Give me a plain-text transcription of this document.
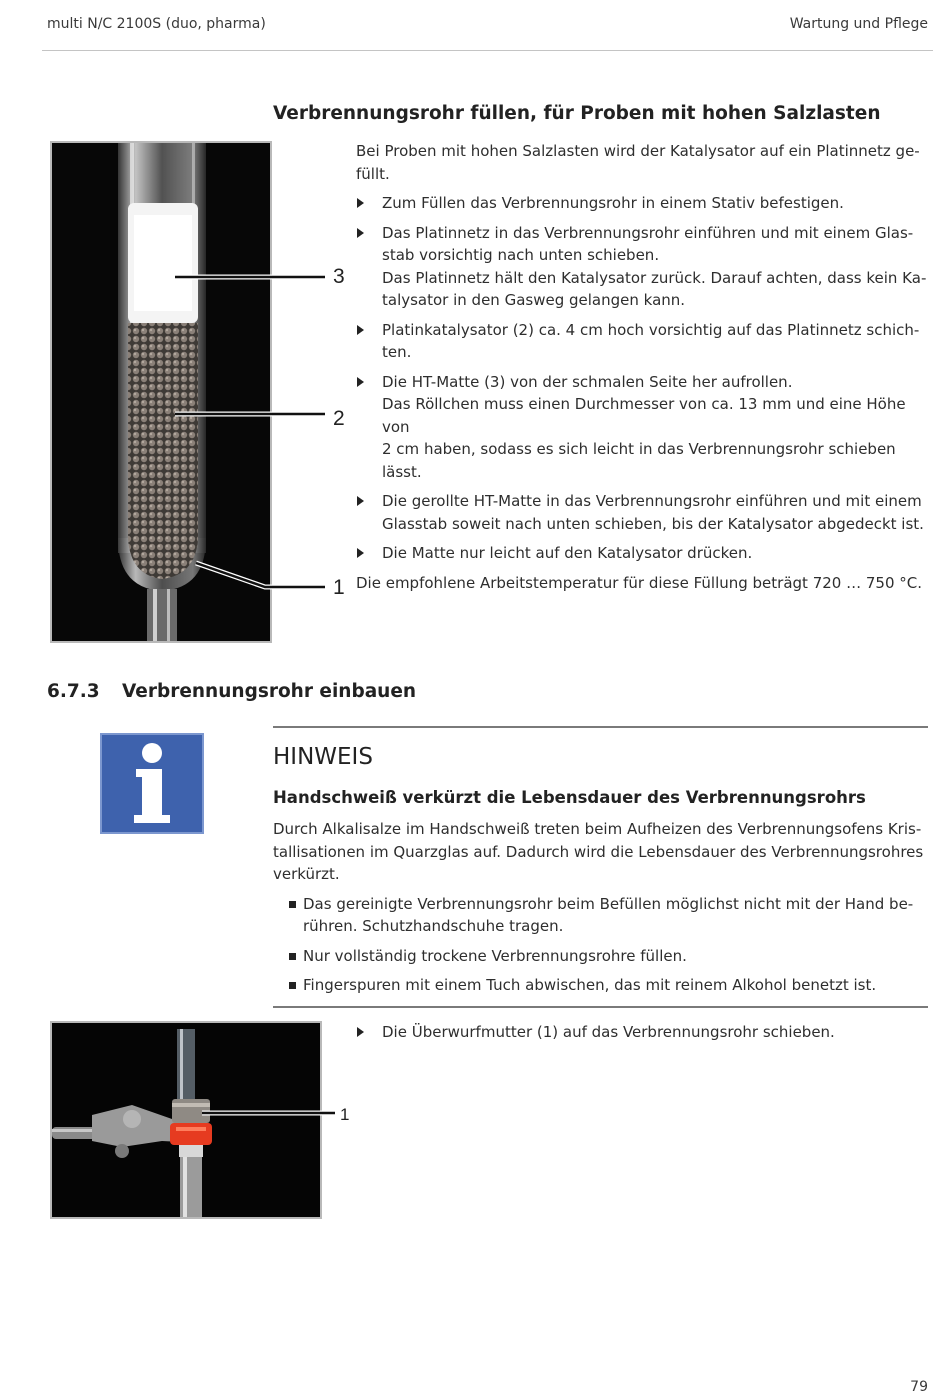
multi N/C 2100S (duo, pharma)	Wartung und Pflege
Verbrennungsrohr füllen, für Proben mit hohen Salzlasten
3
2
1

Bei Proben mit hohen Salzlasten wird der Katalysator auf ein Platinnetz ge-
füllt.

Zum Füllen das Verbrennungsrohr in einem Stativ befestigen.

Das Platinnetz in das Verbrennungsrohr einführen und mit einem Glas-
stab vorsichtig nach unten schieben.
Das Platinnetz hält den Katalysator zurück. Darauf achten, dass kein Ka-
talysator in den Gasweg gelangen kann.

Platinkatalysator (2) ca. 4 cm hoch vorsichtig auf das Platinnetz schich-
ten.

Die HT-Matte (3) von der schmalen Seite her aufrollen.
Das Röllchen muss einen Durchmesser von ca. 13 mm und eine Höhe von
2 cm haben, sodass es sich leicht in das Verbrennungsrohr schieben lässt.

Die gerollte HT-Matte in das Verbrennungsrohr einführen und mit einem
Glasstab soweit nach unten schieben, bis der Katalysator abgedeckt ist.

Die Matte nur leicht auf den Katalysator drücken.

Die empfohlene Arbeitstemperatur für diese Füllung beträgt 720 … 750 °C.

6.7.3 Verbrennungsrohr einbauen
HINWEIS
Handschweiß verkürzt die Lebensdauer des Verbrennungsrohrs

Durch Alkalisalze im Handschweiß treten beim Aufheizen des Verbrennungsofens Kris-
tallisationen im Quarzglas auf. Dadurch wird die Lebensdauer des Verbrennungsrohres
verkürzt.

Das gereinigte Verbrennungsrohr beim Befüllen möglichst nicht mit der Hand be-
rühren. Schutzhandschuhe tragen.
Nur vollständig trockene Verbrennungsrohre füllen.
Fingerspuren mit einem Tuch abwischen, das mit reinem Alkohol benetzt ist.
1

Die Überwurfmutter (1) auf das Verbrennungsrohr schieben.

79
